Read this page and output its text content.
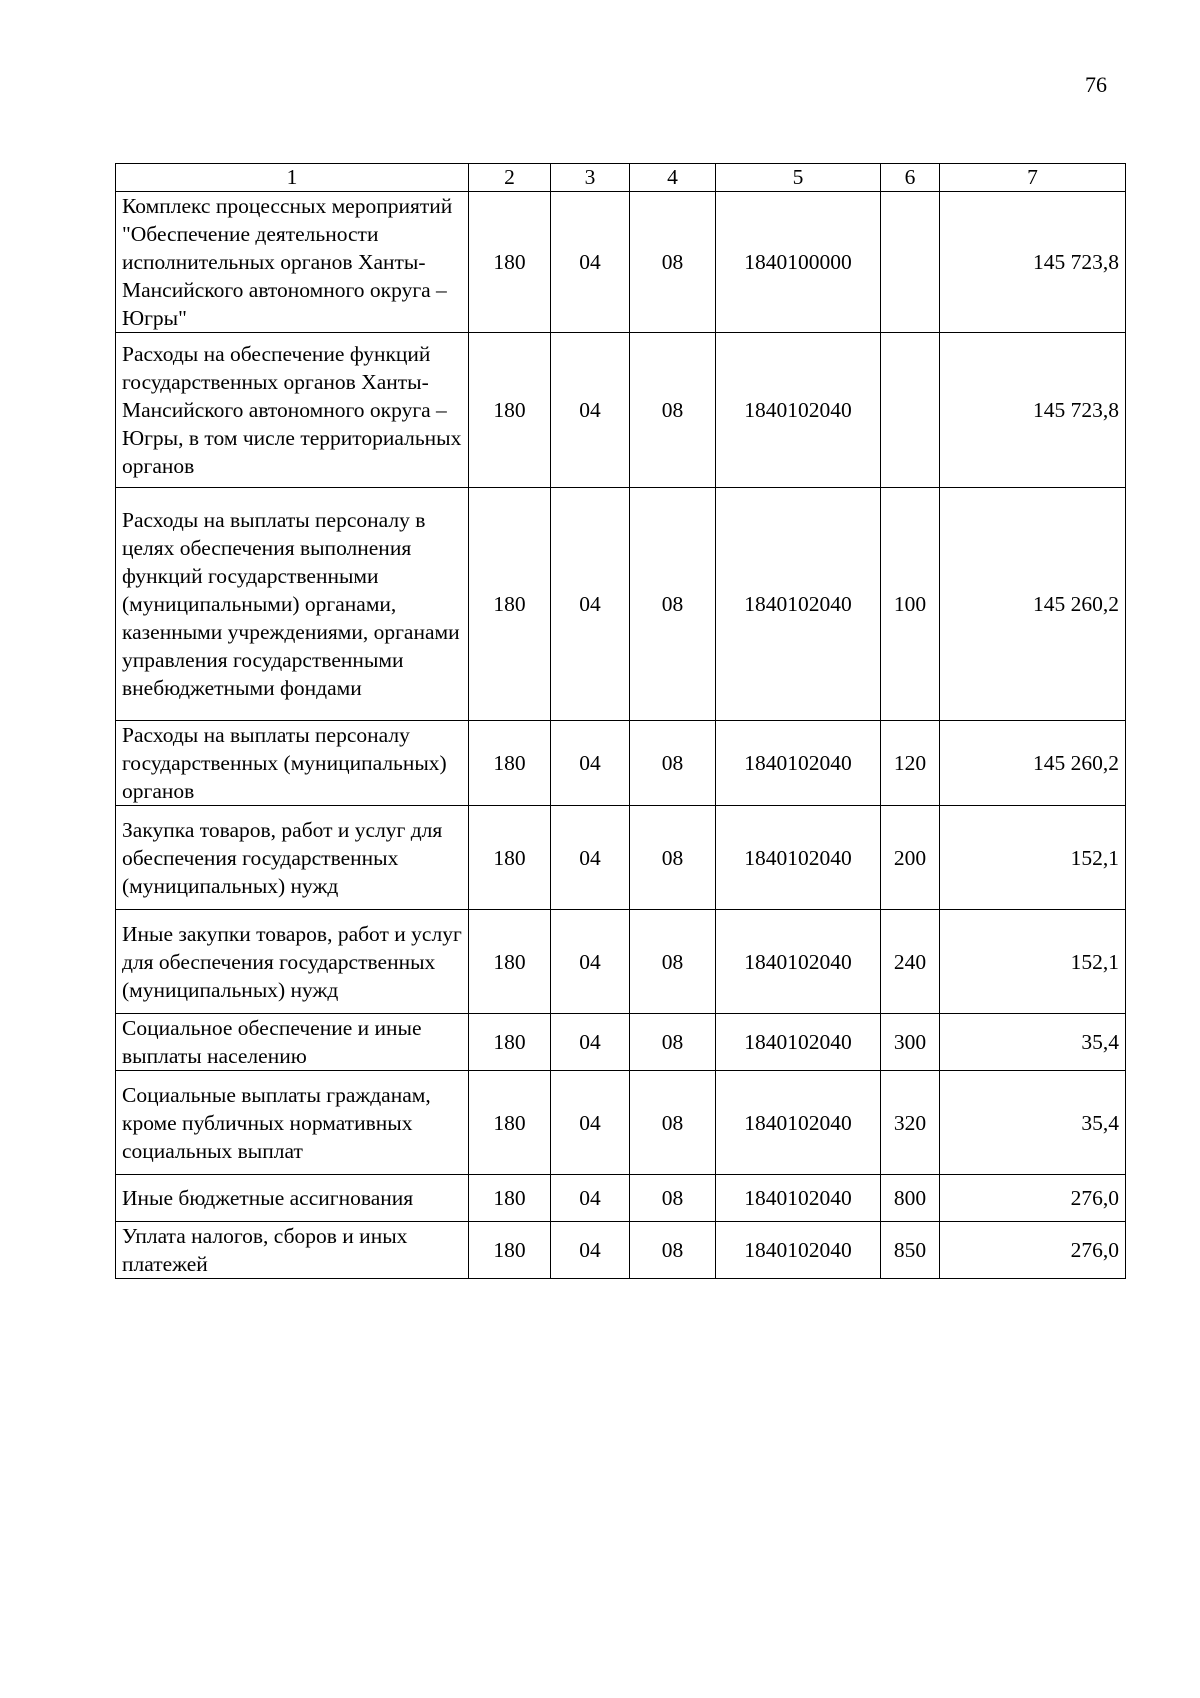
76
1	2	3	4	5	6	7
Комплекс процессных мероприятий "Обеспечение деятельности исполнительных органов Ханты-Мансийского автономного округа – Югры"	180	04	08	1840100000		145 723,8
Расходы на обеспечение функций государственных органов Ханты-Мансийского автономного округа – Югры, в том числе территориальных органов	180	04	08	1840102040		145 723,8
Расходы на выплаты персоналу в целях обеспечения выполнения функций государственными (муниципальными) органами, казенными учреждениями, органами управления государственными внебюджетными фондами	180	04	08	1840102040	100	145 260,2
Расходы на выплаты персоналу государственных (муниципальных) органов	180	04	08	1840102040	120	145 260,2
Закупка товаров, работ и услуг для обеспечения государственных (муниципальных) нужд	180	04	08	1840102040	200	152,1
Иные закупки товаров, работ и услуг для обеспечения государственных (муниципальных) нужд	180	04	08	1840102040	240	152,1
Социальное обеспечение и иные выплаты населению	180	04	08	1840102040	300	35,4
Социальные выплаты гражданам, кроме публичных нормативных социальных выплат	180	04	08	1840102040	320	35,4
Иные бюджетные ассигнования	180	04	08	1840102040	800	276,0
Уплата налогов, сборов и иных платежей	180	04	08	1840102040	850	276,0
